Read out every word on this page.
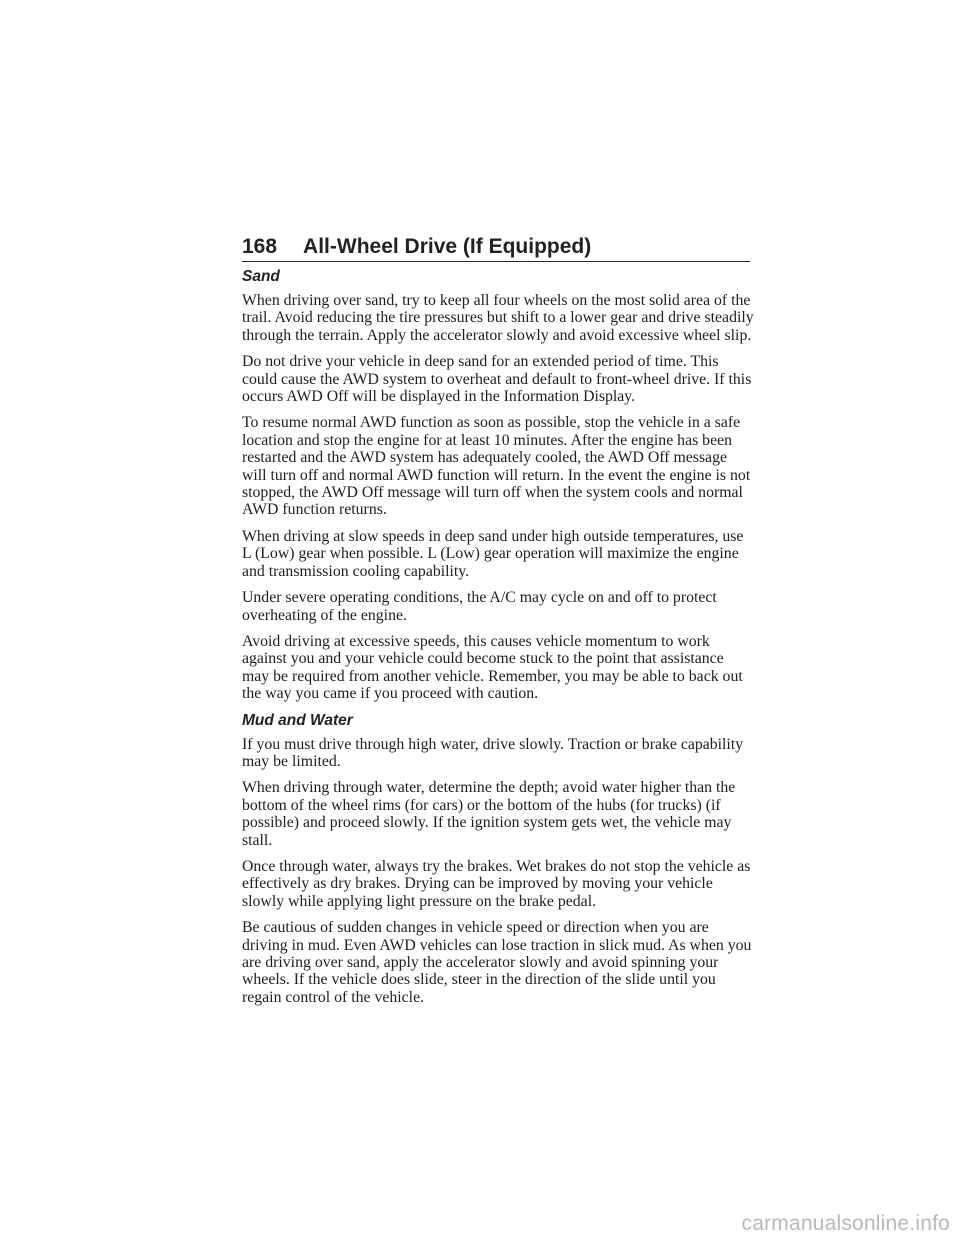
168 All-Wheel Drive (If Equipped)
Sand

When driving over sand, try to keep all four wheels on the most solid area of the trail. Avoid reducing the tire pressures but shift to a lower gear and drive steadily through the terrain. Apply the accelerator slowly and avoid excessive wheel slip.

Do not drive your vehicle in deep sand for an extended period of time. This could cause the AWD system to overheat and default to front-wheel drive. If this occurs AWD Off will be displayed in the Information Display.

To resume normal AWD function as soon as possible, stop the vehicle in a safe location and stop the engine for at least 10 minutes. After the engine has been restarted and the AWD system has adequately cooled, the AWD Off message will turn off and normal AWD function will return. In the event the engine is not stopped, the AWD Off message will turn off when the system cools and normal AWD function returns.

When driving at slow speeds in deep sand under high outside temperatures, use L (Low) gear when possible. L (Low) gear operation will maximize the engine and transmission cooling capability.

Under severe operating conditions, the A/C may cycle on and off to protect overheating of the engine.

Avoid driving at excessive speeds, this causes vehicle momentum to work against you and your vehicle could become stuck to the point that assistance may be required from another vehicle. Remember, you may be able to back out the way you came if you proceed with caution.

Mud and Water

If you must drive through high water, drive slowly. Traction or brake capability may be limited.

When driving through water, determine the depth; avoid water higher than the bottom of the wheel rims (for cars) or the bottom of the hubs (for trucks) (if possible) and proceed slowly. If the ignition system gets wet, the vehicle may stall.

Once through water, always try the brakes. Wet brakes do not stop the vehicle as effectively as dry brakes. Drying can be improved by moving your vehicle slowly while applying light pressure on the brake pedal.

Be cautious of sudden changes in vehicle speed or direction when you are driving in mud. Even AWD vehicles can lose traction in slick mud. As when you are driving over sand, apply the accelerator slowly and avoid spinning your wheels. If the vehicle does slide, steer in the direction of the slide until you regain control of the vehicle.

carmanualsonline.info
